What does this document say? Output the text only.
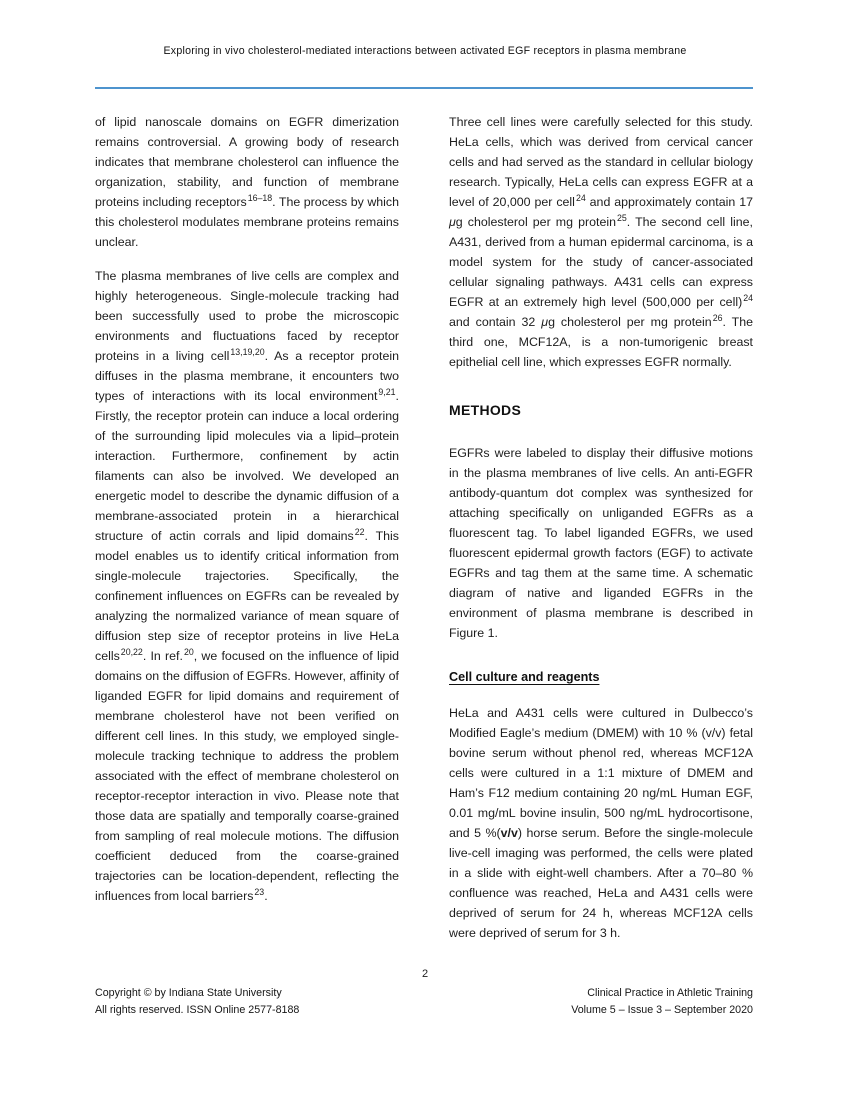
Exploring in vivo cholesterol-mediated interactions between activated EGF receptors in plasma membrane

of lipid nanoscale domains on EGFR dimerization remains controversial. A growing body of research indicates that membrane cholesterol can influence the organization, stability, and function of membrane proteins including receptors$^{16-18}$. The process by which this cholesterol modulates membrane proteins remains unclear.

The plasma membranes of live cells are complex and highly heterogeneous. Single-molecule tracking had been successfully used to probe the microscopic environments and fluctuations faced by receptor proteins in a living cell$^{13,19,20}$. As a receptor protein diffuses in the plasma membrane, it encounters two types of interactions with its local environment$^{9,21}$. Firstly, the receptor protein can induce a local ordering of the surrounding lipid molecules via a lipid–protein interaction. Furthermore, confinement by actin filaments can also be involved. We developed an energetic model to describe the dynamic diffusion of a membrane-associated protein in a hierarchical structure of actin corrals and lipid domains$^{22}$. This model enables us to identify critical information from single-molecule trajectories. Specifically, the confinement influences on EGFRs can be revealed by analyzing the normalized variance of mean square of diffusion step size of receptor proteins in live HeLa cells$^{20,22}$. In ref.$^{20}$, we focused on the influence of lipid domains on the diffusion of EGFRs. However, affinity of liganded EGFR for lipid domains and requirement of membrane cholesterol have not been verified on different cell lines. In this study, we employed single-molecule tracking technique to address the problem associated with the effect of membrane cholesterol on receptor-receptor interaction in vivo. Please note that those data are spatially and temporally coarse-grained from sampling of real molecule motions. The diffusion coefficient deduced from the coarse-grained trajectories can be location-dependent, reflecting the influences from local barriers$^{23}$.

Three cell lines were carefully selected for this study. HeLa cells, which was derived from cervical cancer cells and had served as the standard in cellular biology research. Typically, HeLa cells can express EGFR at a level of 20,000 per cell$^{24}$ and approximately contain 17 μg cholesterol per mg protein$^{25}$. The second cell line, A431, derived from a human epidermal carcinoma, is a model system for the study of cancer-associated cellular signaling pathways. A431 cells can express EGFR at an extremely high level (500,000 per cell)$^{24}$ and contain 32 μg cholesterol per mg protein$^{26}$. The third one, MCF12A, is a non-tumorigenic breast epithelial cell line, which expresses EGFR normally.

METHODS

EGFRs were labeled to display their diffusive motions in the plasma membranes of live cells. An anti-EGFR antibody-quantum dot complex was synthesized for attaching specifically on unliganded EGFRs as a fluorescent tag. To label liganded EGFRs, we used fluorescent epidermal growth factors (EGF) to activate EGFRs and tag them at the same time. A schematic diagram of native and liganded EGFRs in the environment of plasma membrane is described in Figure 1.

Cell culture and reagents

HeLa and A431 cells were cultured in Dulbecco’s Modified Eagle’s medium (DMEM) with 10 % (v/v) fetal bovine serum without phenol red, whereas MCF12A cells were cultured in a 1:1 mixture of DMEM and Ham’s F12 medium containing 20 ng/mL Human EGF, 0.01 mg/mL bovine insulin, 500 ng/mL hydrocortisone, and 5 %(v/v) horse serum. Before the single-molecule live-cell imaging was performed, the cells were plated in a slide with eight-well chambers. After a 70–80 % confluence was reached, HeLa and A431 cells were deprived of serum for 24 h, whereas MCF12A cells were deprived of serum for 3 h.

2
Copyright © by Indiana State University
All rights reserved. ISSN Online 2577-8188
Clinical Practice in Athletic Training
Volume 5 – Issue 3 – September 2020
